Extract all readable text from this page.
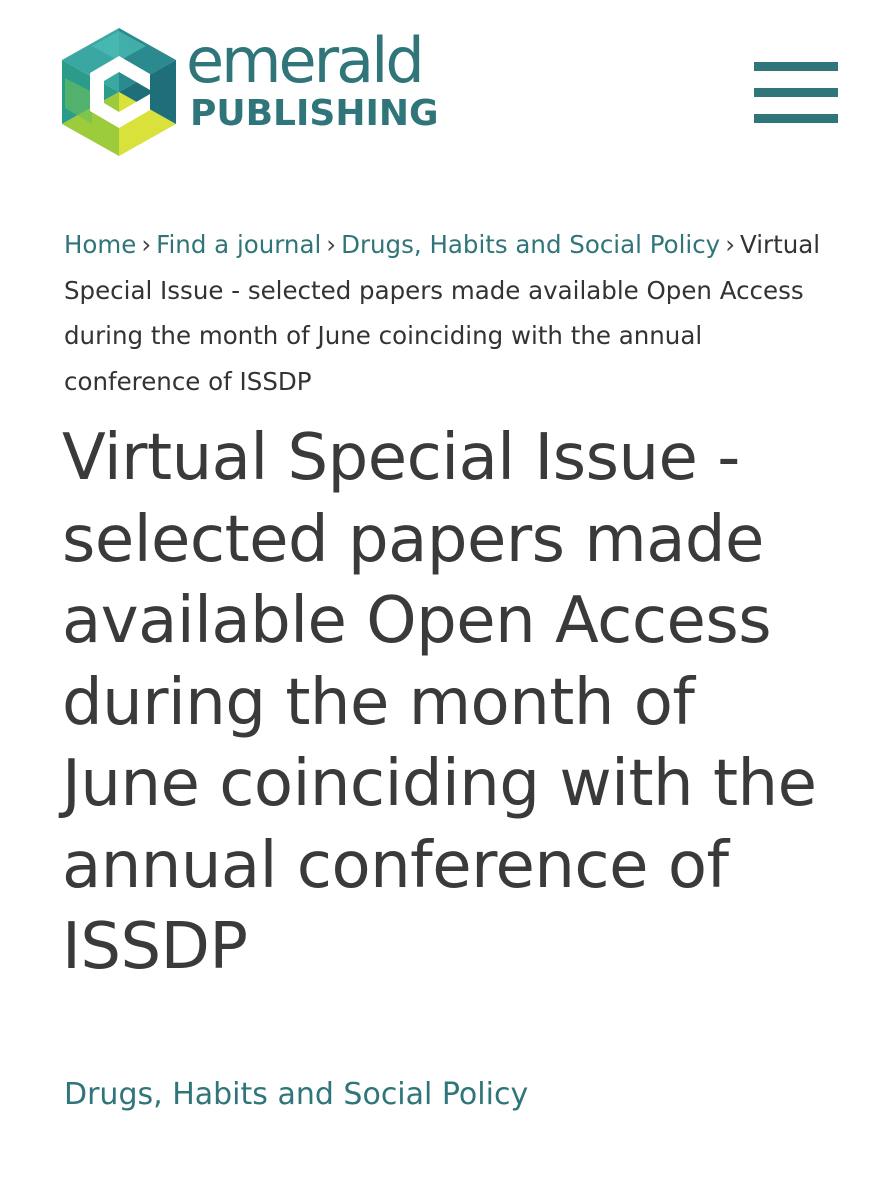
emerald
PUBLISHING
Home › Find a journal › Drugs, Habits and Social Policy › Virtual Special Issue - selected papers made available Open Access during the month of June coinciding with the annual conference of ISSDP
Virtual Special Issue - selected papers made available Open Access during the month of June coinciding with the annual conference of ISSDP
Drugs, Habits and Social Policy
